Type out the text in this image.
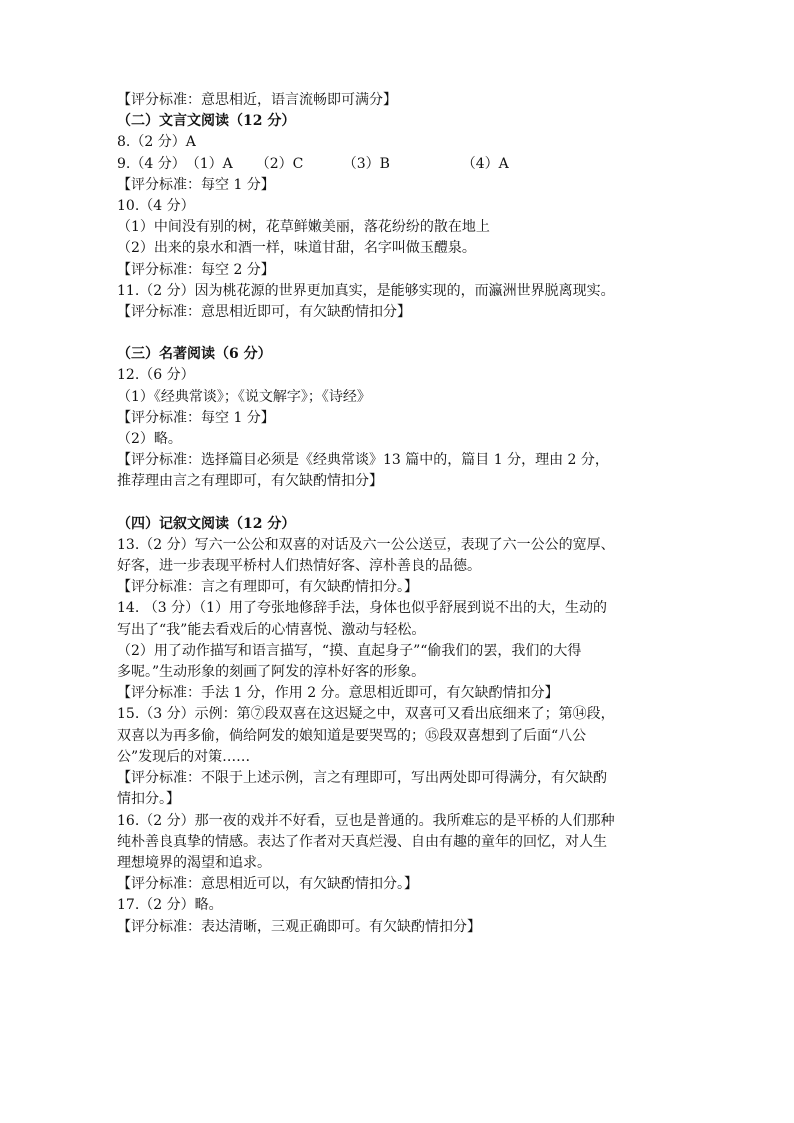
【评分标准：意思相近，语言流畅即可满分】
（二）文言文阅读（12 分）
8.（2 分）A
9.（4 分）（1）A （2）C	（3）B	（4）A
【评分标准：每空 1 分】
10.（4 分）
（1）中间没有别的树，花草鲜嫩美丽，落花纷纷的散在地上
（2）出来的泉水和酒一样，味道甘甜，名字叫做玉醴泉。
【评分标准：每空 2 分】
11.（2 分）因为桃花源的世界更加真实，是能够实现的，而瀛洲世界脱离现实。
【评分标准：意思相近即可，有欠缺酌情扣分】
（三）名著阅读（6 分）
12.（6 分）
（1）《经典常谈》；《说文解字》；《诗经》
【评分标准：每空 1 分】
（2）略。
【评分标准：选择篇目必须是《经典常谈》13 篇中的，篇目 1 分，理由 2 分，
推荐理由言之有理即可，有欠缺酌情扣分】
（四）记叙文阅读（12 分）
13.（2 分）写六一公公和双喜的对话及六一公公送豆，表现了六一公公的宽厚、
好客，进一步表现平桥村人们热情好客、淳朴善良的品德。
【评分标准：言之有理即可，有欠缺酌情扣分。】
14. （3 分）（1）用了夸张地修辞手法，身体也似乎舒展到说不出的大，生动的
写出了“我”能去看戏后的心情喜悦、激动与轻松。
（2）用了动作描写和语言描写，“摸、直起身子”“偷我们的罢，我们的大得
多呢。”生动形象的刻画了阿发的淳朴好客的形象。
【评分标准：手法 1 分，作用 2 分。意思相近即可，有欠缺酌情扣分】
15.（3 分）示例：第⑦段双喜在这迟疑之中，双喜可又看出底细来了；第⑭段，
双喜以为再多偷，倘给阿发的娘知道是要哭骂的；⑮段双喜想到了后面“八公
公”发现后的对策……
【评分标准：不限于上述示例，言之有理即可，写出两处即可得满分，有欠缺酌
情扣分。】
16.（2 分）那一夜的戏并不好看，豆也是普通的。我所难忘的是平桥的人们那种
纯朴善良真挚的情感。表达了作者对天真烂漫、自由有趣的童年的回忆，对人生
理想境界的渴望和追求。
【评分标准：意思相近可以，有欠缺酌情扣分。】
17.（2 分）略。
【评分标准：表达清晰，三观正确即可。有欠缺酌情扣分】
